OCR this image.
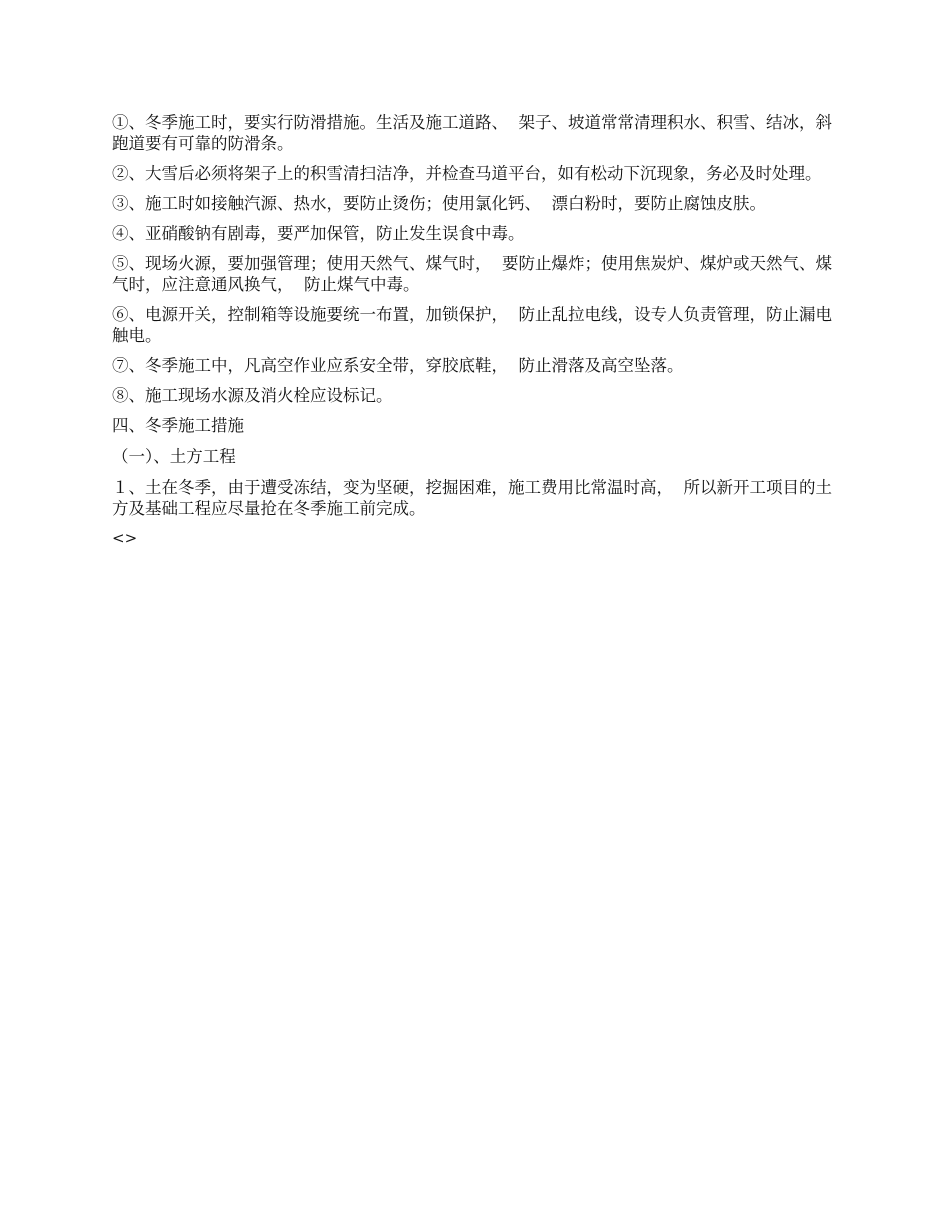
①、冬季施工时，要实行防滑措施。生活及施工道路、  架子、坡道常常清理积水、积雪、结冰，斜跑道要有可靠的防滑条。

②、大雪后必须将架子上的积雪清扫洁净，并检查马道平台，如有松动下沉现象，务必及时处理。

③、施工时如接触汽源、热水，要防止烫伤；使用氯化钙、  漂白粉时，要防止腐蚀皮肤。

④、亚硝酸钠有剧毒，要严加保管，防止发生误食中毒。

⑤、现场火源，要加强管理；使用天然气、煤气时，  要防止爆炸；使用焦炭炉、煤炉或天然气、煤气时，应注意通风换气，  防止煤气中毒。

⑥、电源开关，控制箱等设施要统一布置，加锁保护，  防止乱拉电线，设专人负责管理，防止漏电触电。

⑦、冬季施工中，凡高空作业应系安全带，穿胶底鞋，  防止滑落及高空坠落。

⑧、施工现场水源及消火栓应设标记。

四、冬季施工措施

（一）、土方工程

１、土在冬季，由于遭受冻结，变为坚硬，挖掘困难，施工费用比常温时高，  所以新开工项目的土方及基础工程应尽量抢在冬季施工前完成。

<>
